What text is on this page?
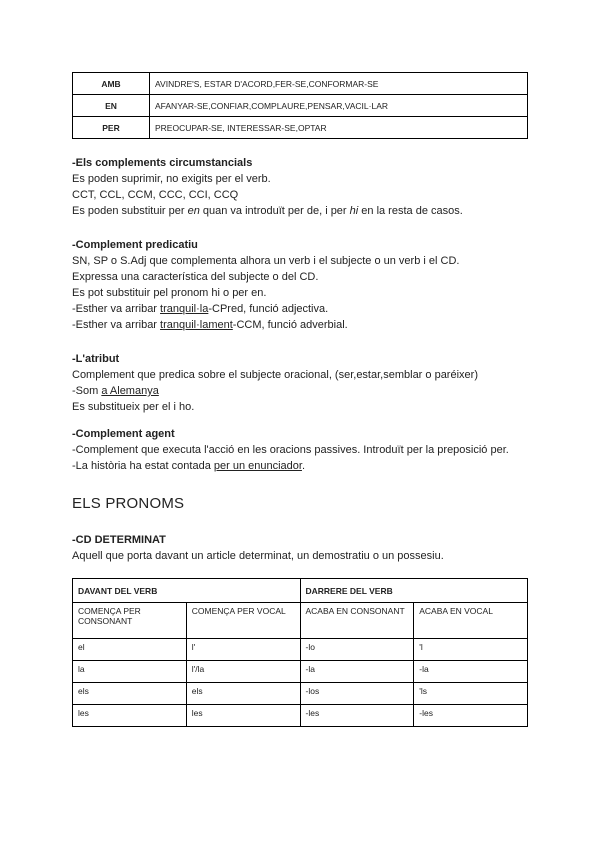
AMB	AVINDRE'S, ESTAR D'ACORD,FER-SE,CONFORMAR-SE
EN	AFANYAR-SE,CONFIAR,COMPLAURE,PENSAR,VACIL·LAR
PER	PREOCUPAR-SE, INTERESSAR-SE,OPTAR

-Els complements circumstancials

Es poden suprimir, no exigits per el verb.

CCT, CCL, CCM, CCC, CCI, CCQ

Es poden substituir per en quan va introduït per de, i per hi en la resta de casos.

-Complement predicatiu

SN, SP o S.Adj que complementa alhora un verb i el subjecte o un verb i el CD.

Expressa una característica del subjecte o del CD.

Es pot substituir pel pronom hi o per en.

-Esther va arribar tranquil·la-CPred, funció adjectiva.

-Esther va arribar tranquil·lament-CCM, funció adverbial.

-L'atribut

Complement que predica sobre el subjecte oracional, (ser,estar,semblar o paréixer)

-Som a Alemanya

Es substitueix per el i ho.

-Complement agent

-Complement que executa l'acció en les oracions passives. Introduït per la preposició per.

-La història ha estat contada per un enunciador.

ELS PRONOMS

-CD DETERMINAT

Aquell que porta davant un article determinat, un demostratiu o un possesiu.

DAVANT DEL VERB		DARRERE DEL VERB	
COMENÇA PER CONSONANT	COMENÇA PER VOCAL	ACABA EN CONSONANT	ACABA EN VOCAL
el	l'	-lo	'l
la	l'/la	-la	-la
els	els	-los	'ls
les	les	-les	-les
